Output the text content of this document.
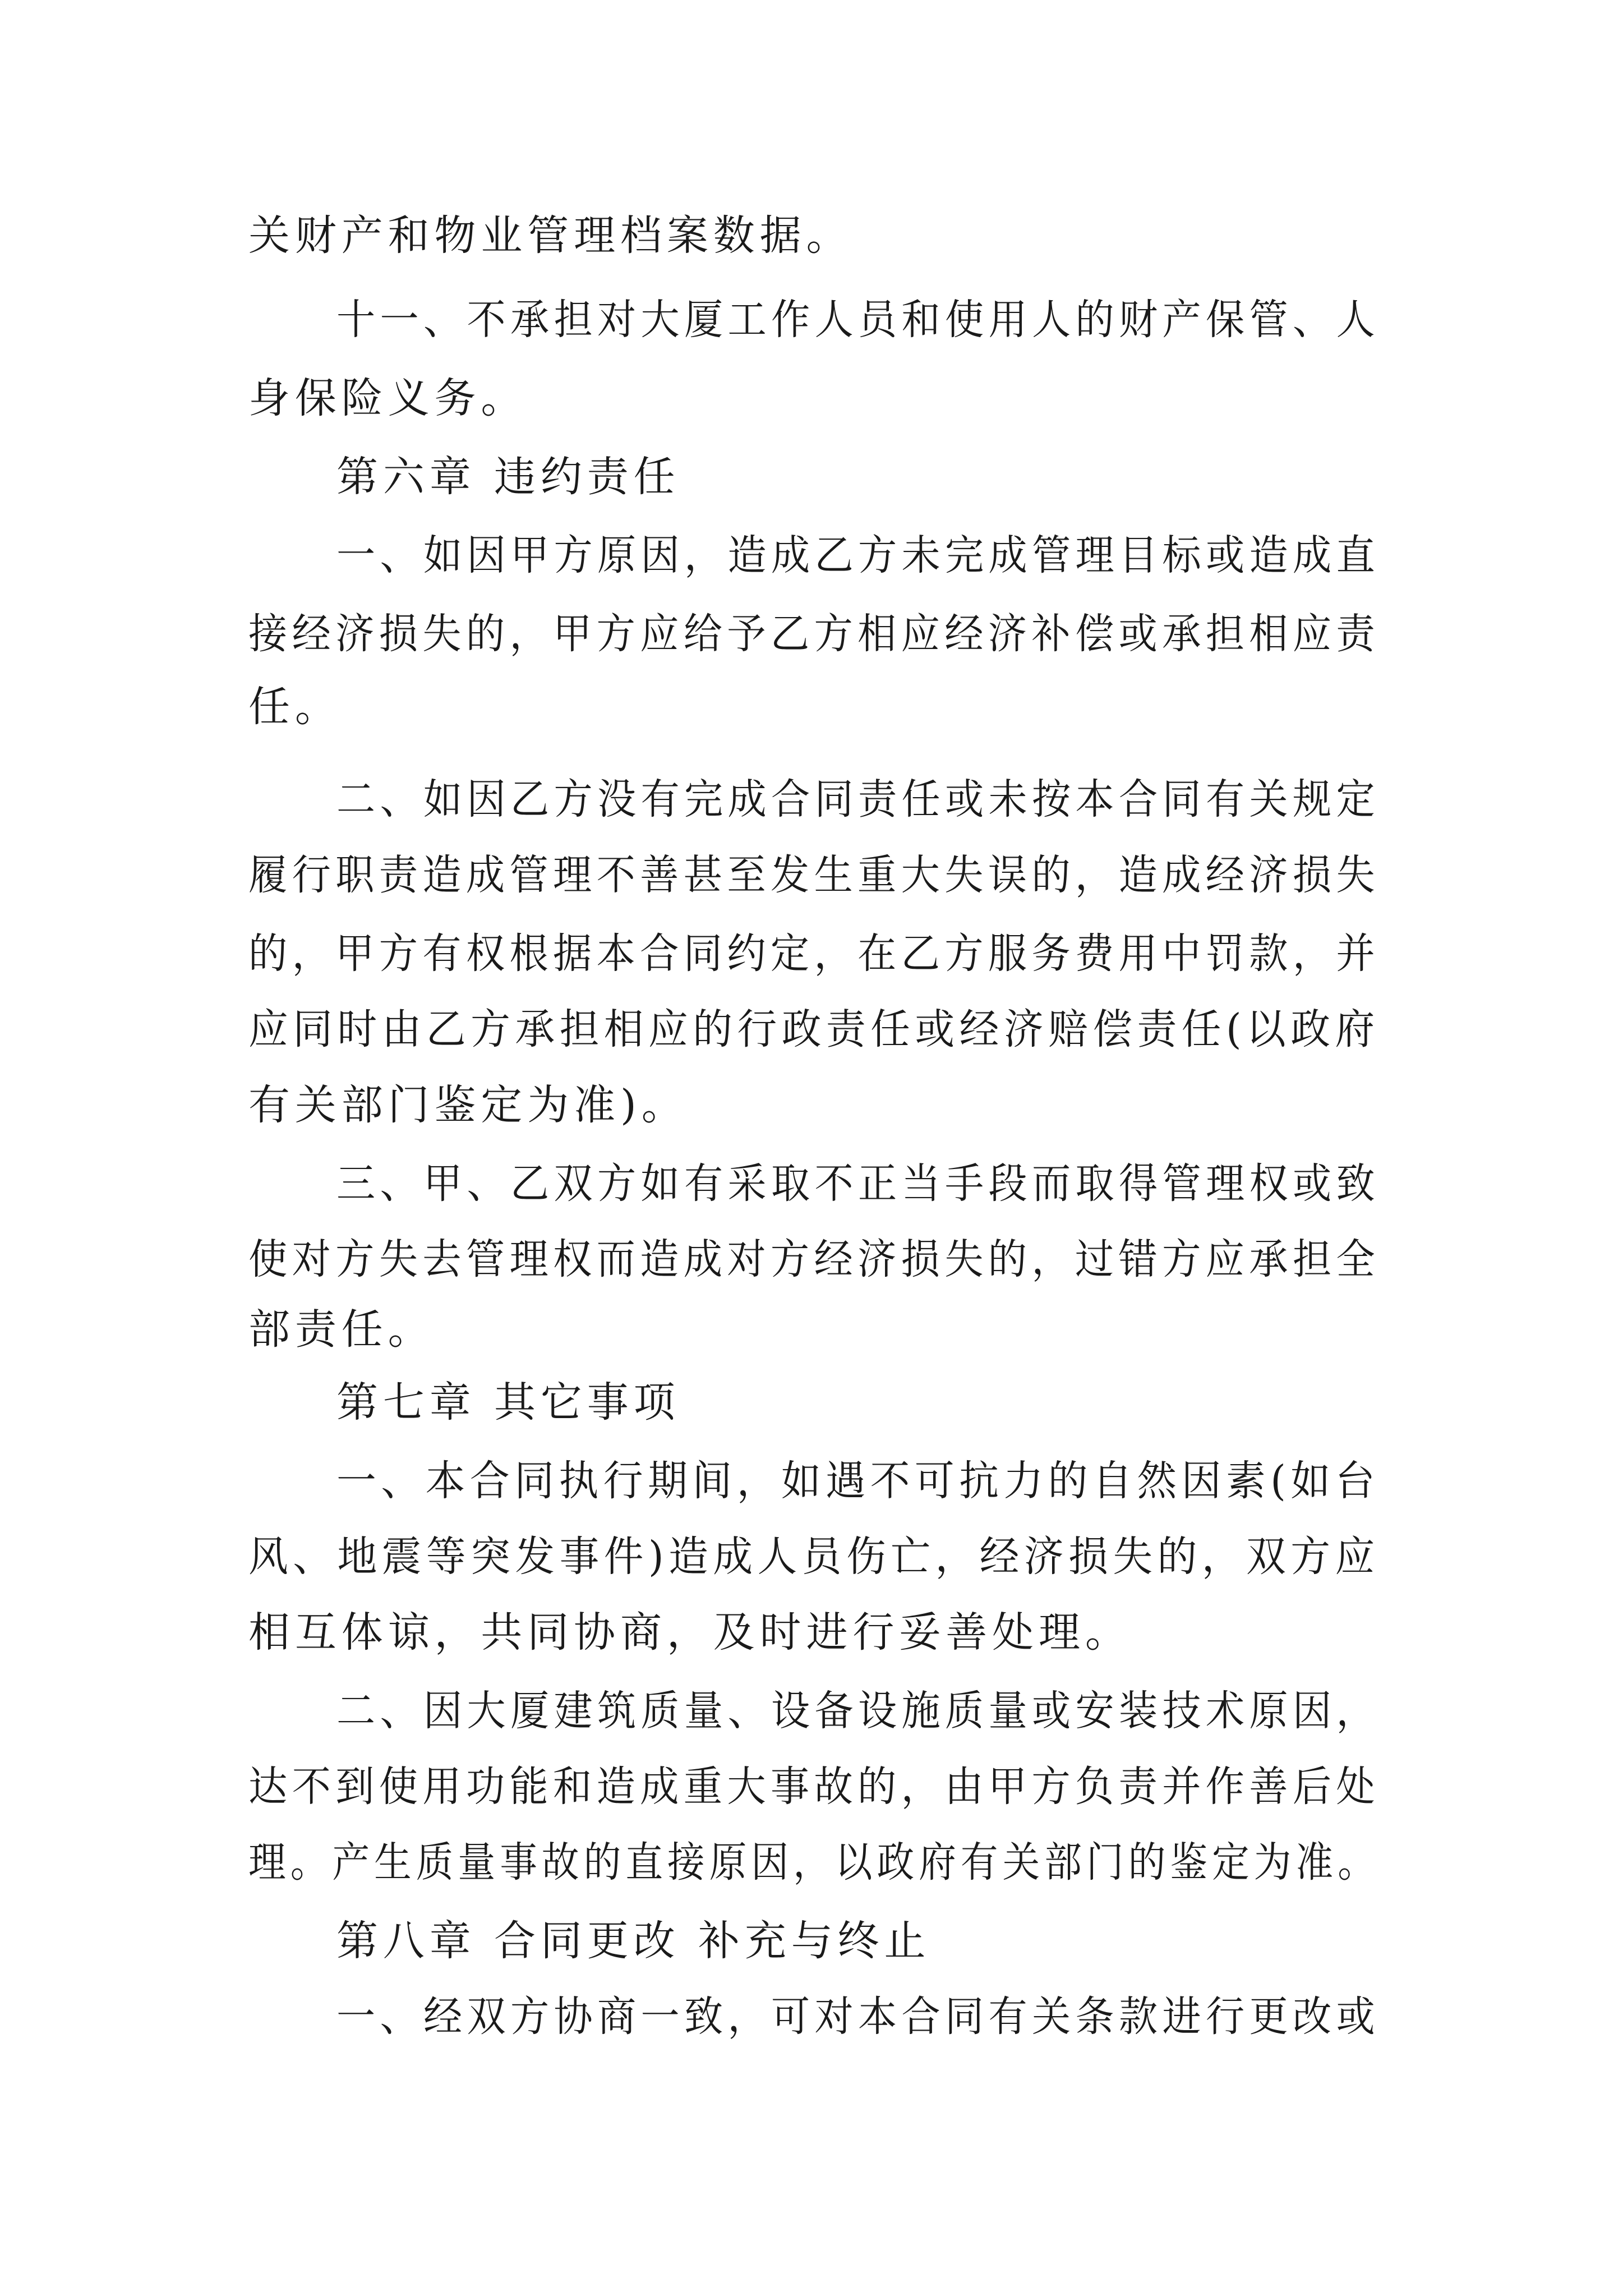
关财产和物业管理档案数据。
十一、不承担对大厦工作人员和使用人的财产保管、人
身保险义务。
第六章 违约责任
一、如因甲方原因，造成乙方未完成管理目标或造成直
接经济损失的，甲方应给予乙方相应经济补偿或承担相应责
任。
二、如因乙方没有完成合同责任或未按本合同有关规定
履行职责造成管理不善甚至发生重大失误的，造成经济损失
的，甲方有权根据本合同约定，在乙方服务费用中罚款，并
应同时由乙方承担相应的行政责任或经济赔偿责任(以政府
有关部门鉴定为准)。
三、甲、乙双方如有采取不正当手段而取得管理权或致
使对方失去管理权而造成对方经济损失的，过错方应承担全
部责任。
第七章 其它事项
一、本合同执行期间，如遇不可抗力的自然因素(如台
风、地震等突发事件)造成人员伤亡，经济损失的，双方应
相互体谅，共同协商，及时进行妥善处理。
二、因大厦建筑质量、设备设施质量或安装技术原因，
达不到使用功能和造成重大事故的，由甲方负责并作善后处
理。产生质量事故的直接原因，以政府有关部门的鉴定为准。
第八章 合同更改 补充与终止
一、经双方协商一致，可对本合同有关条款进行更改或
